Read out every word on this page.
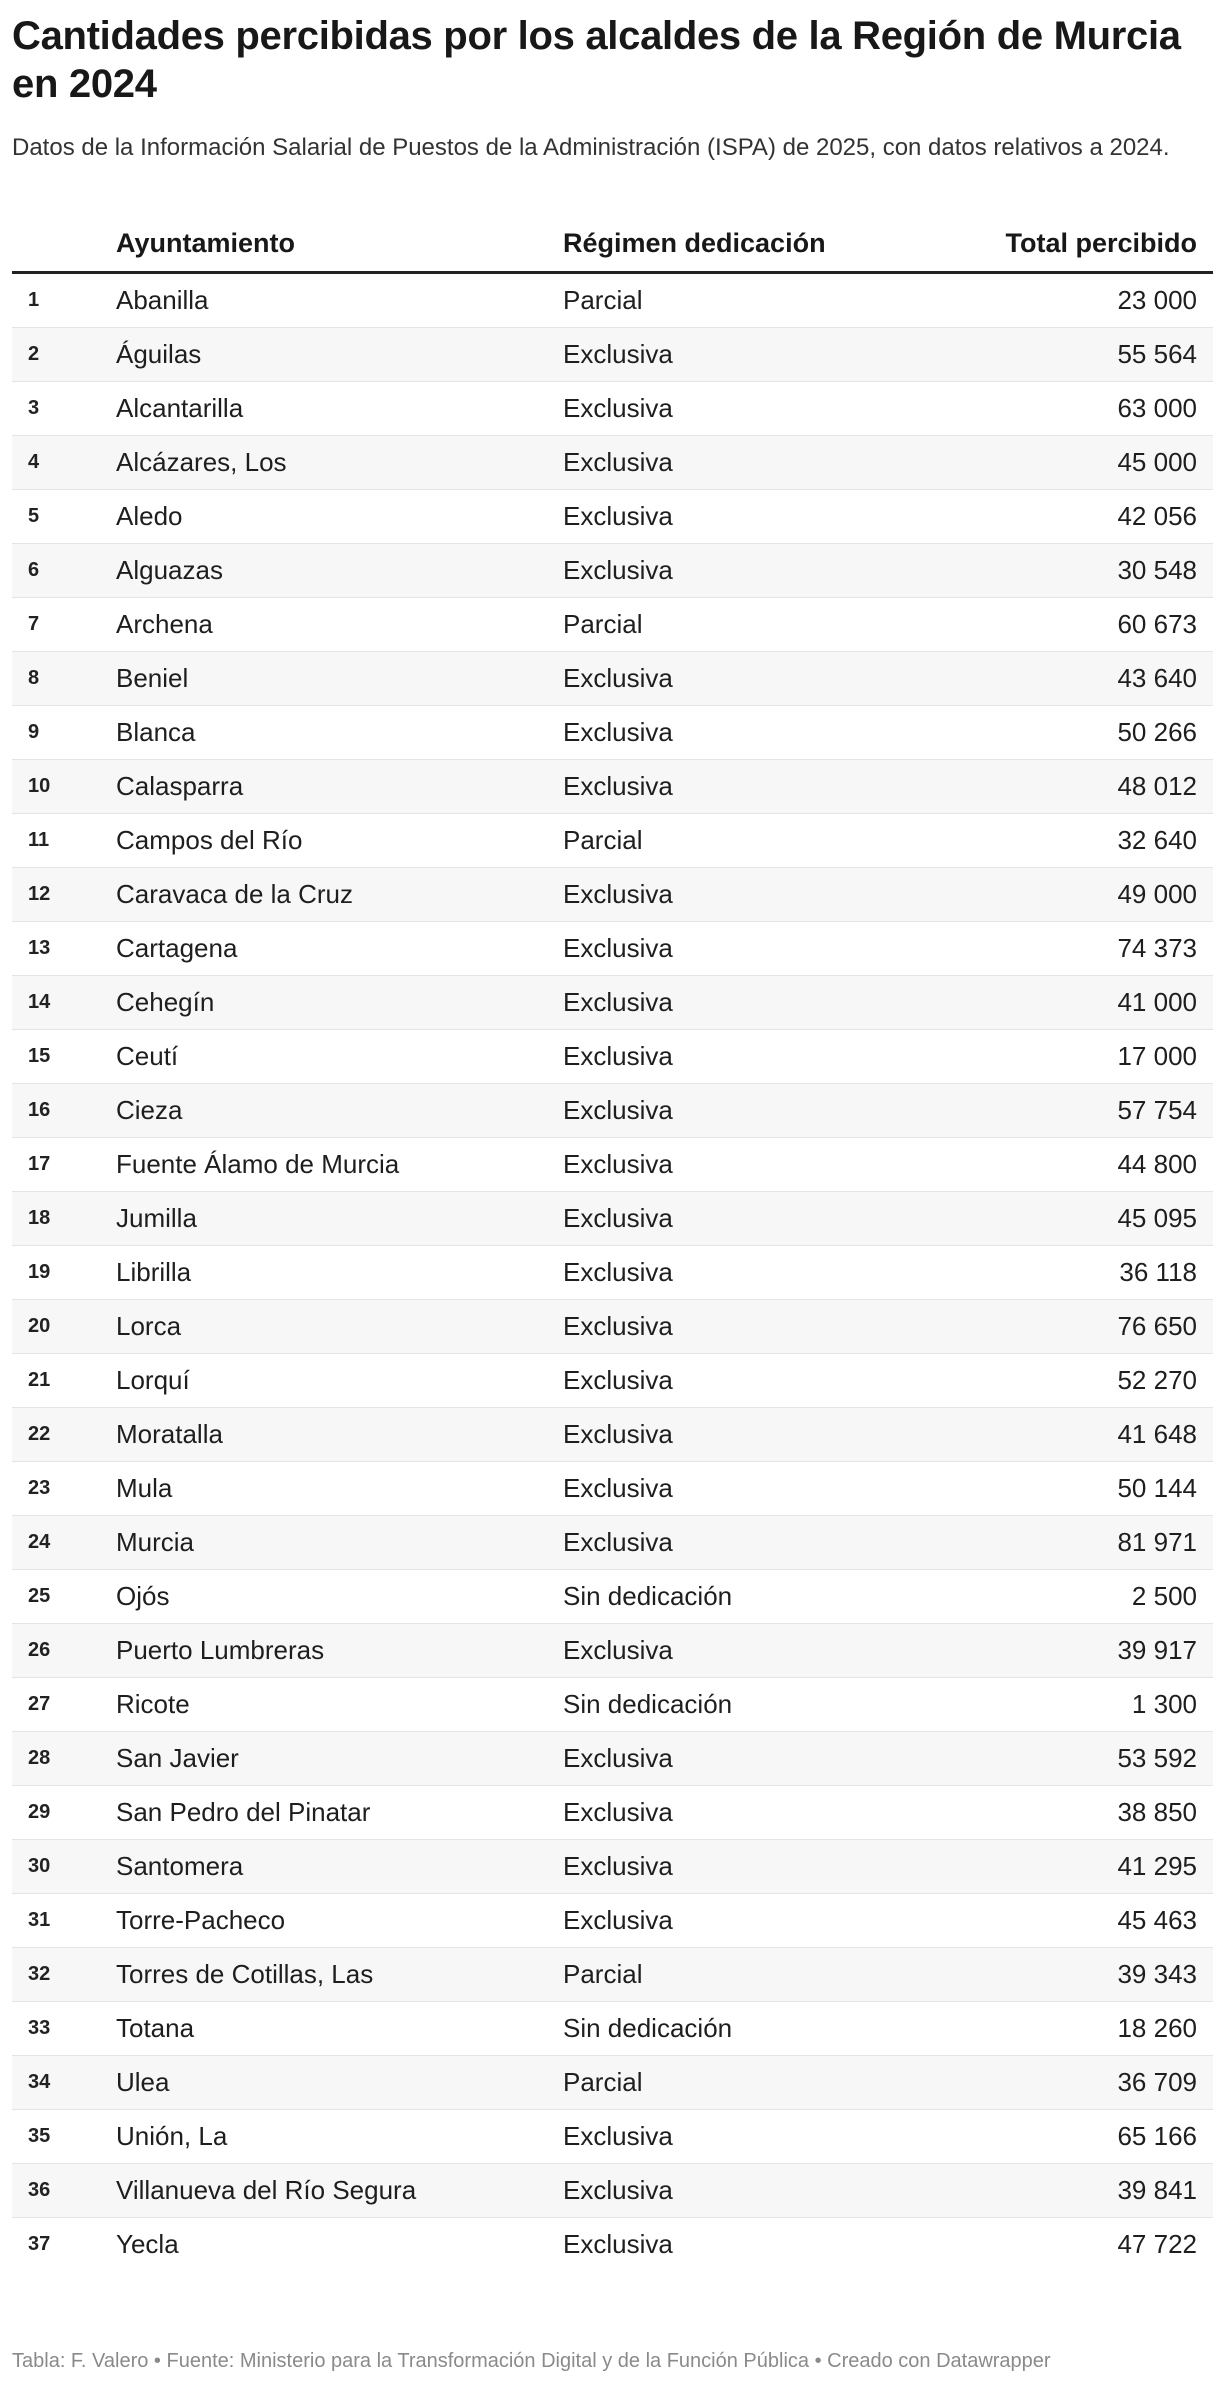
Cantidades percibidas por los alcaldes de la Región de Murcia en 2024
Datos de la Información Salarial de Puestos de la Administración (ISPA) de 2025, con datos relativos a 2024.
	Ayuntamiento	Régimen dedicación	Total percibido
1	Abanilla	Parcial	23 000
2	Águilas	Exclusiva	55 564
3	Alcantarilla	Exclusiva	63 000
4	Alcázares, Los	Exclusiva	45 000
5	Aledo	Exclusiva	42 056
6	Alguazas	Exclusiva	30 548
7	Archena	Parcial	60 673
8	Beniel	Exclusiva	43 640
9	Blanca	Exclusiva	50 266
10	Calasparra	Exclusiva	48 012
11	Campos del Río	Parcial	32 640
12	Caravaca de la Cruz	Exclusiva	49 000
13	Cartagena	Exclusiva	74 373
14	Cehegín	Exclusiva	41 000
15	Ceutí	Exclusiva	17 000
16	Cieza	Exclusiva	57 754
17	Fuente Álamo de Murcia	Exclusiva	44 800
18	Jumilla	Exclusiva	45 095
19	Librilla	Exclusiva	36 118
20	Lorca	Exclusiva	76 650
21	Lorquí	Exclusiva	52 270
22	Moratalla	Exclusiva	41 648
23	Mula	Exclusiva	50 144
24	Murcia	Exclusiva	81 971
25	Ojós	Sin dedicación	2 500
26	Puerto Lumbreras	Exclusiva	39 917
27	Ricote	Sin dedicación	1 300
28	San Javier	Exclusiva	53 592
29	San Pedro del Pinatar	Exclusiva	38 850
30	Santomera	Exclusiva	41 295
31	Torre-Pacheco	Exclusiva	45 463
32	Torres de Cotillas, Las	Parcial	39 343
33	Totana	Sin dedicación	18 260
34	Ulea	Parcial	36 709
35	Unión, La	Exclusiva	65 166
36	Villanueva del Río Segura	Exclusiva	39 841
37	Yecla	Exclusiva	47 722
Tabla: F. Valero • Fuente: Ministerio para la Transformación Digital y de la Función Pública • Creado con Datawrapper
